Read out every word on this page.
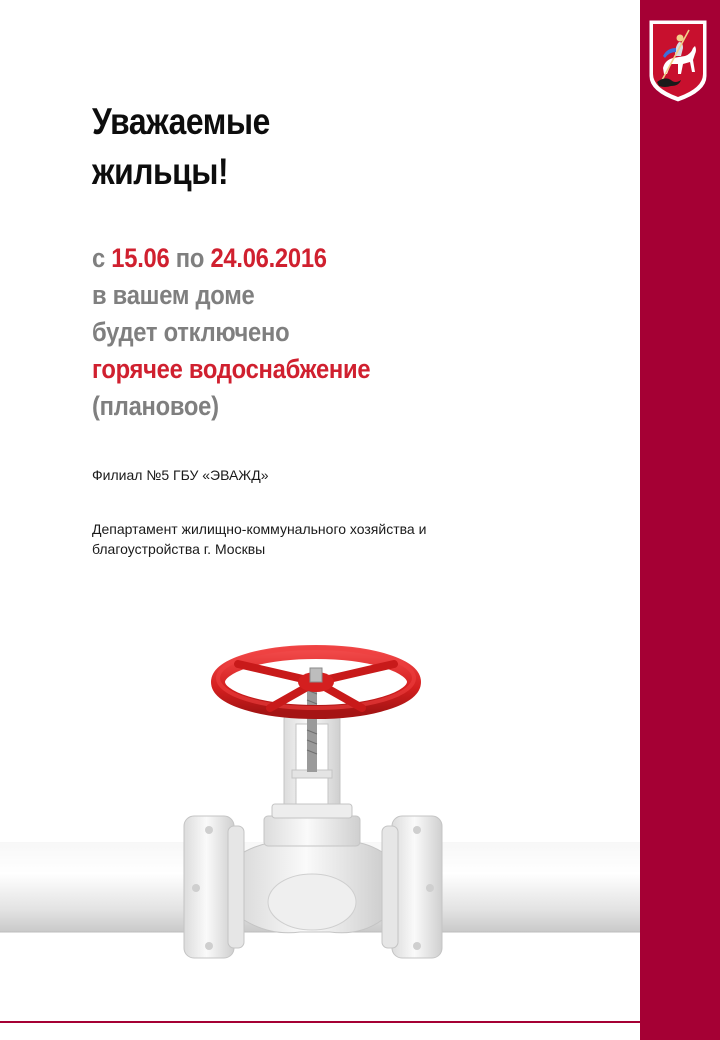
Уважаемые
жильцы!
с 15.06 по 24.06.2016
в вашем доме
будет отключено
горячее водоснабжение
(плановое)
Филиал №5 ГБУ «ЭВАЖД»
Департамент жилищно-коммунального хозяйства и
благоустройства г. Москвы
